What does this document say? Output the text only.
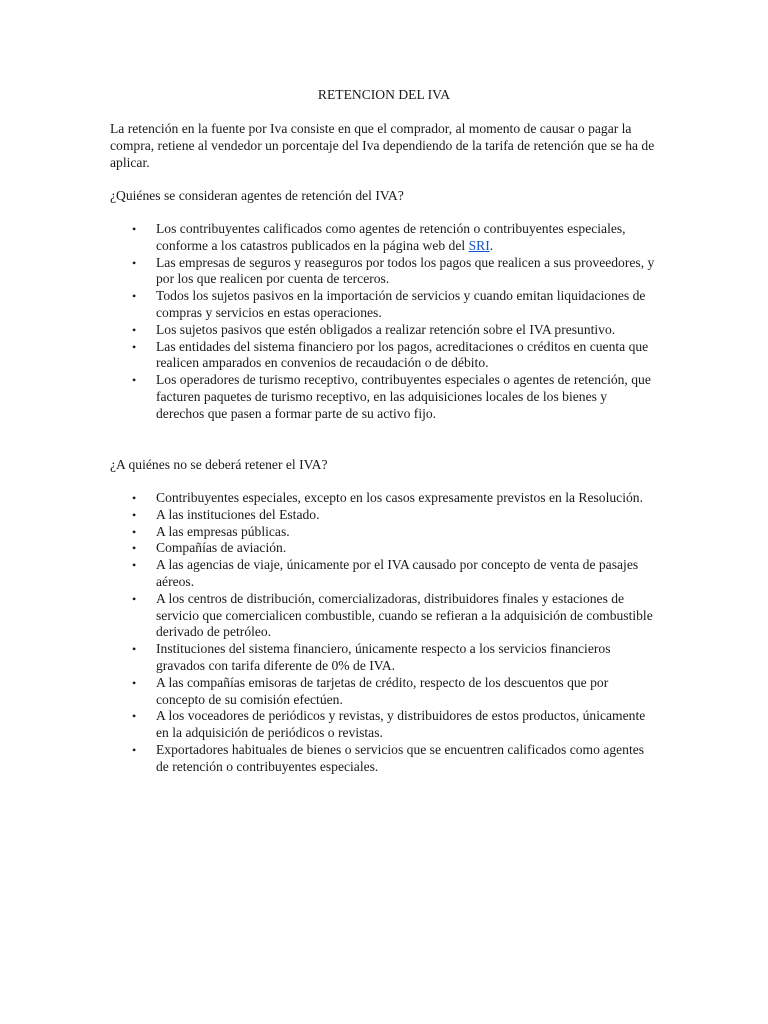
RETENCION DEL IVA

La retención en la fuente por Iva consiste en que el comprador, al momento de causar o pagar la compra, retiene al vendedor un porcentaje del Iva dependiendo de la tarifa de retención que se ha de aplicar.

¿Quiénes se consideran agentes de retención del IVA?

• Los contribuyentes calificados como agentes de retención o contribuyentes especiales, conforme a los catastros publicados en la página web del SRI.
• Las empresas de seguros y reaseguros por todos los pagos que realicen a sus proveedores, y por los que realicen por cuenta de terceros.
• Todos los sujetos pasivos en la importación de servicios y cuando emitan liquidaciones de compras y servicios en estas operaciones.
• Los sujetos pasivos que estén obligados a realizar retención sobre el IVA presuntivo.
• Las entidades del sistema financiero por los pagos, acreditaciones o créditos en cuenta que realicen amparados en convenios de recaudación o de débito.
• Los operadores de turismo receptivo, contribuyentes especiales o agentes de retención, que facturen paquetes de turismo receptivo, en las adquisiciones locales de los bienes y derechos que pasen a formar parte de su activo fijo.

¿A quiénes no se deberá retener el IVA?

• Contribuyentes especiales, excepto en los casos expresamente previstos en la Resolución.
• A las instituciones del Estado.
• A las empresas públicas.
• Compañías de aviación.
• A las agencias de viaje, únicamente por el IVA causado por concepto de venta de pasajes aéreos.
• A los centros de distribución, comercializadoras, distribuidores finales y estaciones de servicio que comercialicen combustible, cuando se refieran a la adquisición de combustible derivado de petróleo.
• Instituciones del sistema financiero, únicamente respecto a los servicios financieros gravados con tarifa diferente de 0% de IVA.
• A las compañías emisoras de tarjetas de crédito, respecto de los descuentos que por concepto de su comisión efectúen.
• A los voceadores de periódicos y revistas, y distribuidores de estos productos, únicamente en la adquisición de periódicos o revistas.
• Exportadores habituales de bienes o servicios que se encuentren calificados como agentes de retención o contribuyentes especiales.
